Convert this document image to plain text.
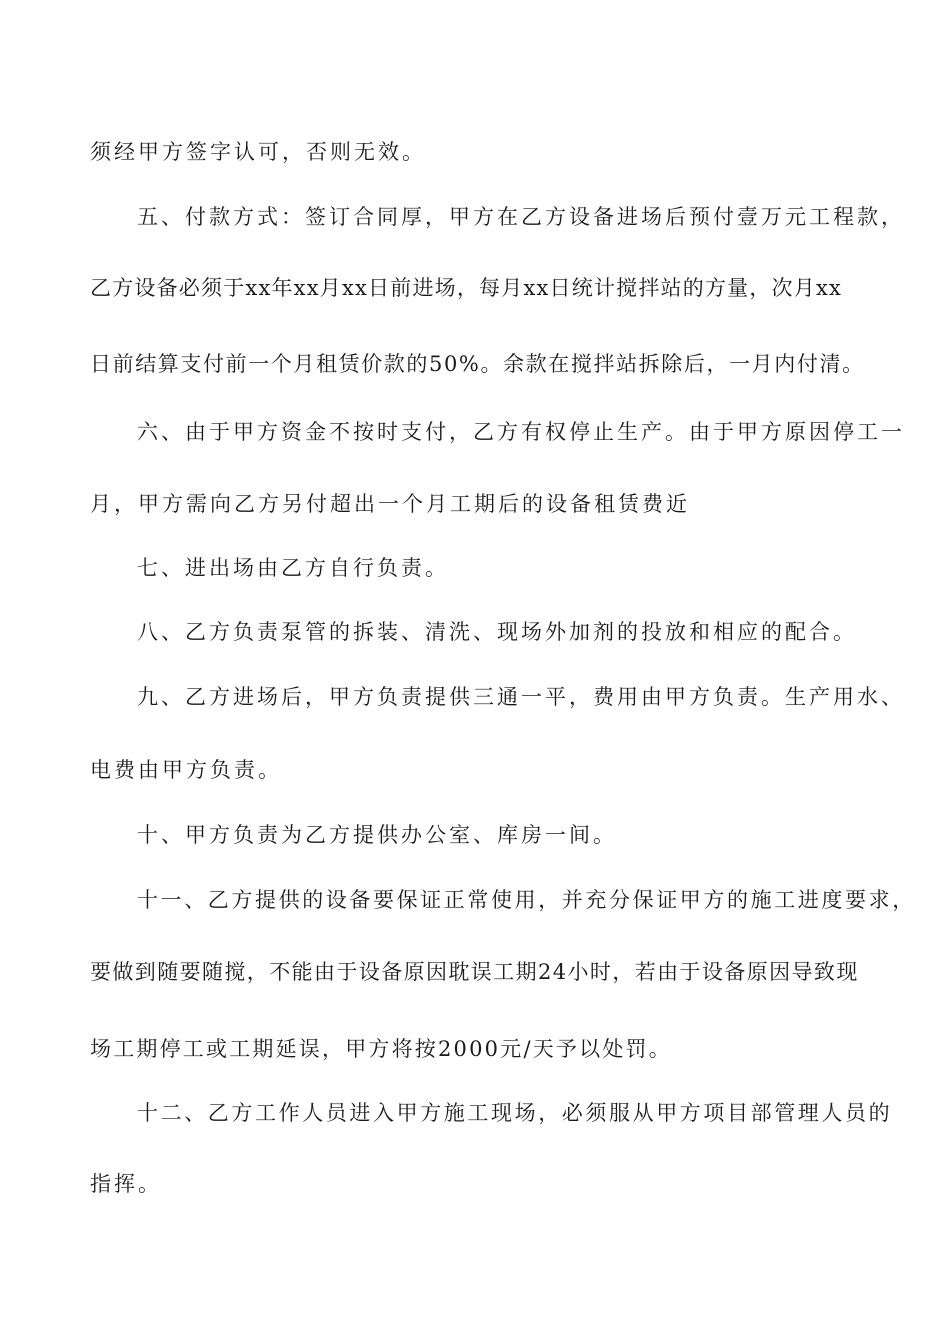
须经甲方签字认可，否则无效。
五、付款方式：签订合同厚，甲方在乙方设备进场后预付壹万元工程款，
乙方设备必须于xx年xx月xx日前进场，每月xx日统计搅拌站的方量，次月xx
日前结算支付前一个月租赁价款的50%。余款在搅拌站拆除后，一月内付清。
六、由于甲方资金不按时支付，乙方有权停止生产。由于甲方原因停工一
月，甲方需向乙方另付超出一个月工期后的设备租赁费近
七、进出场由乙方自行负责。
八、乙方负责泵管的拆装、清洗、现场外加剂的投放和相应的配合。
九、乙方进场后，甲方负责提供三通一平，费用由甲方负责。生产用水、
电费由甲方负责。
十、甲方负责为乙方提供办公室、库房一间。
十一、乙方提供的设备要保证正常使用，并充分保证甲方的施工进度要求，
要做到随要随搅，不能由于设备原因耽误工期24小时，若由于设备原因导致现
场工期停工或工期延误，甲方将按2000元/天予以处罚。
十二、乙方工作人员进入甲方施工现场，必须服从甲方项目部管理人员的
指挥。
